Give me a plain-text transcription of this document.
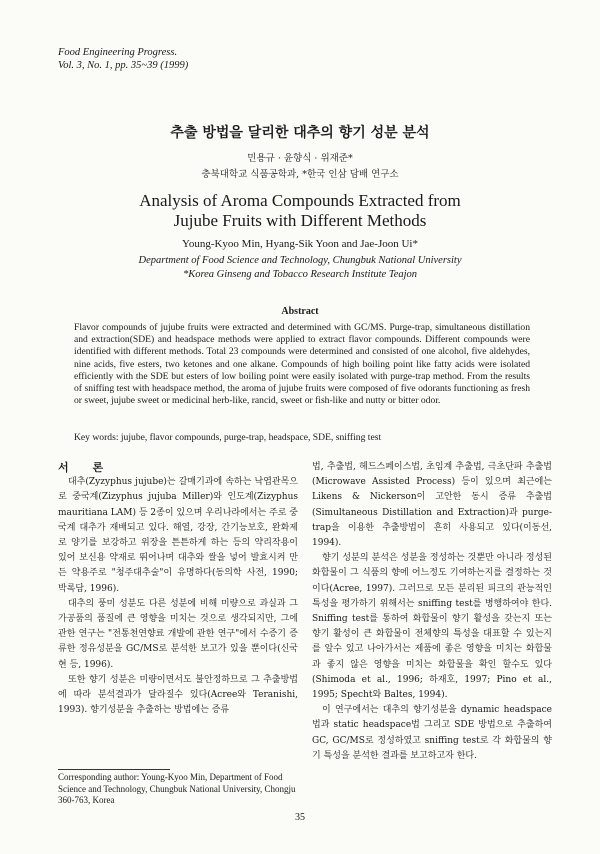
Food Engineering Progress.
Vol. 3, No. 1, pp. 35~39 (1999)
추출 방법을 달리한 대추의 향기 성분 분석
민용규 · 윤향식 · 위재준*
충북대학교 식품공학과, *한국 인삼 담배 연구소
Analysis of Aroma Compounds Extracted from
Jujube Fruits with Different Methods
Young-Kyoo Min, Hyang-Sik Yoon and Jae-Joon Ui*
Department of Food Science and Technology, Chungbuk National University
*Korea Ginseng and Tobacco Research Institute Teajon
Abstract

Flavor compounds of jujube fruits were extracted and determined with GC/MS. Purge-trap, simultaneous distillation and extraction(SDE) and headspace methods were applied to extract flavor compounds. Different compounds were identified with different methods. Total 23 compounds were determined and consisted of one alcohol, five aldehydes, nine acids, five esters, two ketones and one alkane. Compounds of high boiling point like fatty acids were isolated efficiently with the SDE but esters of low boiling point were easily isolated with purge-trap method. From the results of sniffing test with headspace method, the aroma of jujube fruits were composed of five odorants functioning as fresh or sweet, jujube sweet or medicinal herb-like, rancid, sweet or fish-like and nutty or bitter odor.

Key words: jujube, flavor compounds, purge-trap, headspace, SDE, sniffing test

서 론

대추(Zyzyphus jujube)는 갈매기과에 속하는 낙엽관목으로 중국계(Zizyphus jujuba Miller)와 인도계(Zizyphus mauritiana LAM) 등 2종이 있으며 우리나라에서는 주로 중국계 대추가 재배되고 있다. 해열, 강장, 간기능보호, 완화제로 양기를 보강하고 위장을 튼튼하게 하는 등의 약리작용이 있어 보신용 약재로 뛰어나며 대추와 쌀을 넣어 발효시켜 만든 약용주로 "청주대추술"이 유명하다(동의학 사전, 1990; 박록담, 1996).

대추의 풍미 성분도 다른 성분에 비해 미량으로 과실과 그 가공품의 품질에 큰 영향을 미치는 것으로 생각되지만, 그에 관한 연구는 "전통천연향료 개발에 관한 연구"에서 수증기 증류한 정유성분을 GC/MS로 분석한 보고가 있을 뿐이다(신국현 등, 1996).

또한 향기 성분은 미량이면서도 불안정하므로 그 추출방법에 따라 분석결과가 달라질수 있다(Acree와 Teranishi, 1993). 향기성분을 추출하는 방법에는 증류

법, 추출법, 헤드스페이스법, 초임계 추출법, 극초단파 추출법(Microwave Assisted Process) 등이 있으며 최근에는 Likens & Nickerson이 고안한 동시 증류 추출법(Simultaneous Distillation and Extraction)과 purge-trap을 이용한 추출방법이 흔히 사용되고 있다(이동선, 1994).

향기 성분의 분석은 성분을 정성하는 것뿐만 아니라 정성된 화합물이 그 식품의 향에 어느정도 기여하는지를 결정하는 것이다(Acree, 1997). 그러므로 모든 분리된 피크의 관능적인 특성을 평가하기 위해서는 sniffing test를 병행하여야 한다. Sniffing test를 통하여 화합물이 향기 활성을 갖는지 또는 향기 활성이 큰 화합물이 전체향의 특성을 대표할 수 있는지를 알수 있고 나아가서는 제품에 좋은 영향을 미치는 화합물과 좋지 않은 영향을 미치는 화합물을 확인 할수도 있다(Shimoda et al., 1996; 하재호, 1997; Pino et al., 1995; Specht와 Baltes, 1994).

이 연구에서는 대추의 향기성분을 dynamic headspace법과 static headspace법 그리고 SDE 방법으로 추출하여 GC, GC/MS로 정성하였고 sniffing test로 각 화합물의 향기 특성을 분석한 결과를 보고하고자 한다.

Corresponding author: Young-Kyoo Min, Department of Food Science and Technology, Chungbuk National University, Chongju 360-763, Korea

35
